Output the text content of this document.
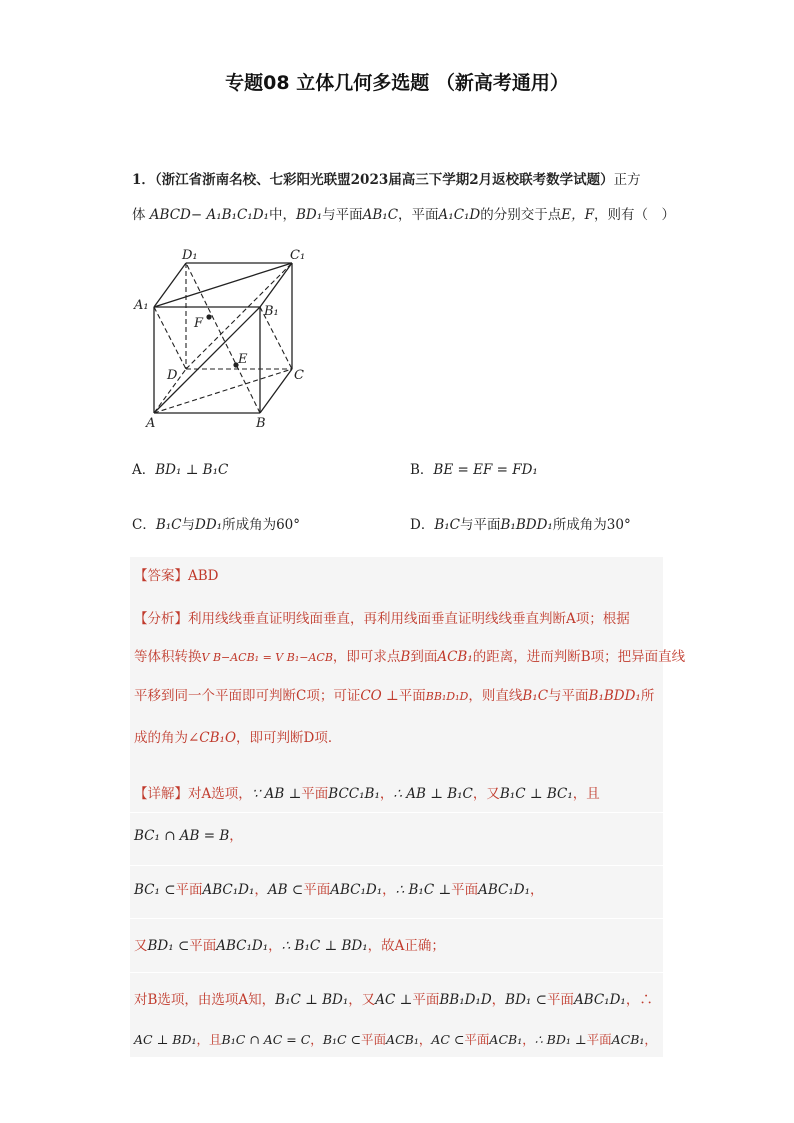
专题08 立体几何多选题 （新高考通用）
1．（浙江省浙南名校、七彩阳光联盟2023届高三下学期2月返校联考数学试题）正方
体 ABCD− A₁B₁C₁D₁中，BD₁与平面AB₁C，平面A₁C₁D的分别交于点E，F，则有（　）
A	B
C
D
A₁	B₁
C₁
D₁
E
F
A．BD₁ ⊥ B₁C	B．BE = EF = FD₁
C．B₁C与DD₁所成角为60°	D．B₁C与平面B₁BDD₁所成角为30°
【答案】ABD
【分析】利用线线垂直证明线面垂直，再利用线面垂直证明线线垂直判断A项；根据
等体积转换V B−ACB₁ = V B₁−ACB，即可求点B到面ACB₁的距离，进而判断B项；把异面直线
平移到同一个平面即可判断C项；可证CO ⊥平面BB₁D₁D，则直线B₁C与平面B₁BDD₁所
成的角为∠CB₁O，即可判断D项．
【详解】对A选项，∵ AB ⊥平面BCC₁B₁，∴ AB ⊥ B₁C，又B₁C ⊥ BC₁，且
BC₁ ∩ AB = B，
BC₁ ⊂平面ABC₁D₁，AB ⊂平面ABC₁D₁，∴ B₁C ⊥平面ABC₁D₁，
又BD₁ ⊂平面ABC₁D₁，∴ B₁C ⊥ BD₁，故A正确；
对B选项，由选项A知，B₁C ⊥ BD₁，又AC ⊥平面BB₁D₁D，BD₁ ⊂平面ABC₁D₁，∴
AC ⊥ BD₁，且B₁C ∩ AC = C，B₁C ⊂平面ACB₁，AC ⊂平面ACB₁，∴ BD₁ ⊥平面ACB₁，
